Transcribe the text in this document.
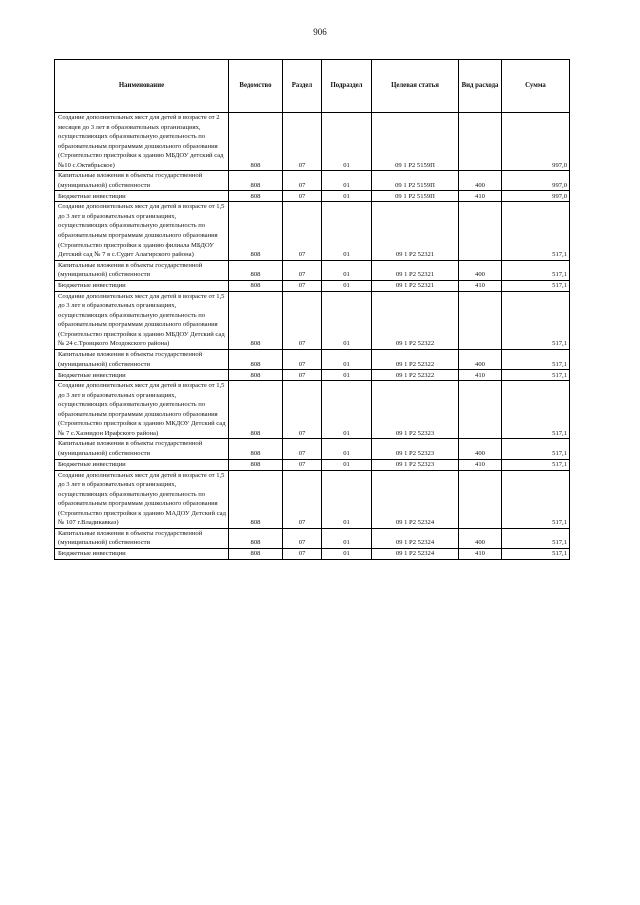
906
Наименование	Ведомство	Раздел	Подраздел	Целевая статья	Вид расхода	Сумма
Создание дополнительных мест для детей в возрасте от 2 месяцев до 3 лет в образовательных организациях, осуществляющих образовательную деятельность по образовательным программам дошкольного образования (Строительство пристройки к зданию МБДОУ детский сад №10 с.Октябрьское)	808	07	01	09 1 P2 5159П		997,0
Капитальные вложения в объекты государственной (муниципальной) собственности	808	07	01	09 1 P2 5159П	400	997,0
Бюджетные инвестиции	808	07	01	09 1 P2 5159П	410	997,0
Создание дополнительных мест для детей в возрасте от 1,5 до 3 лет в образовательных организациях, осуществляющих образовательную деятельность по образовательным программам дошкольного образования (Строительство пристройки к зданию филиала МБДОУ Детский сад № 7 в с.Судит Алагирского района)	808	07	01	09 1 P2 52321		517,1
Капитальные вложения в объекты государственной (муниципальной) собственности	808	07	01	09 1 P2 52321	400	517,1
Бюджетные инвестиции	808	07	01	09 1 P2 52321	410	517,1
Создание дополнительных мест для детей в возрасте от 1,5 до 3 лет в образовательных организациях, осуществляющих образовательную деятельность по образовательным программам дошкольного образования (Строительство пристройки к зданию МБДОУ Детский сад № 24 с.Троицкого Моздокского района)	808	07	01	09 1 P2 52322		517,1
Капитальные вложения в объекты государственной (муниципальной) собственности	808	07	01	09 1 P2 52322	400	517,1
Бюджетные инвестиции	808	07	01	09 1 P2 52322	410	517,1
Создание дополнительных мест для детей в возрасте от 1,5 до 3 лет в образовательных организациях, осуществляющих образовательную деятельность по образовательным программам дошкольного образования (Строительство пристройки к зданию МКДОУ Детский сад № 7 с.Хазнидон Ирафского района)	808	07	01	09 1 P2 52323		517,1
Капитальные вложения в объекты государственной (муниципальной) собственности	808	07	01	09 1 P2 52323	400	517,1
Бюджетные инвестиции	808	07	01	09 1 P2 52323	410	517,1
Создание дополнительных мест для детей в возрасте от 1,5 до 3 лет в образовательных организациях, осуществляющих образовательную деятельность по образовательным программам дошкольного образования (Строительство пристройки к зданию МАДОУ Детский сад № 107 г.Владикавказ)	808	07	01	09 1 P2 52324		517,1
Капитальные вложения в объекты государственной (муниципальной) собственности	808	07	01	09 1 P2 52324	400	517,1
Бюджетные инвестиции	808	07	01	09 1 P2 52324	410	517,1
